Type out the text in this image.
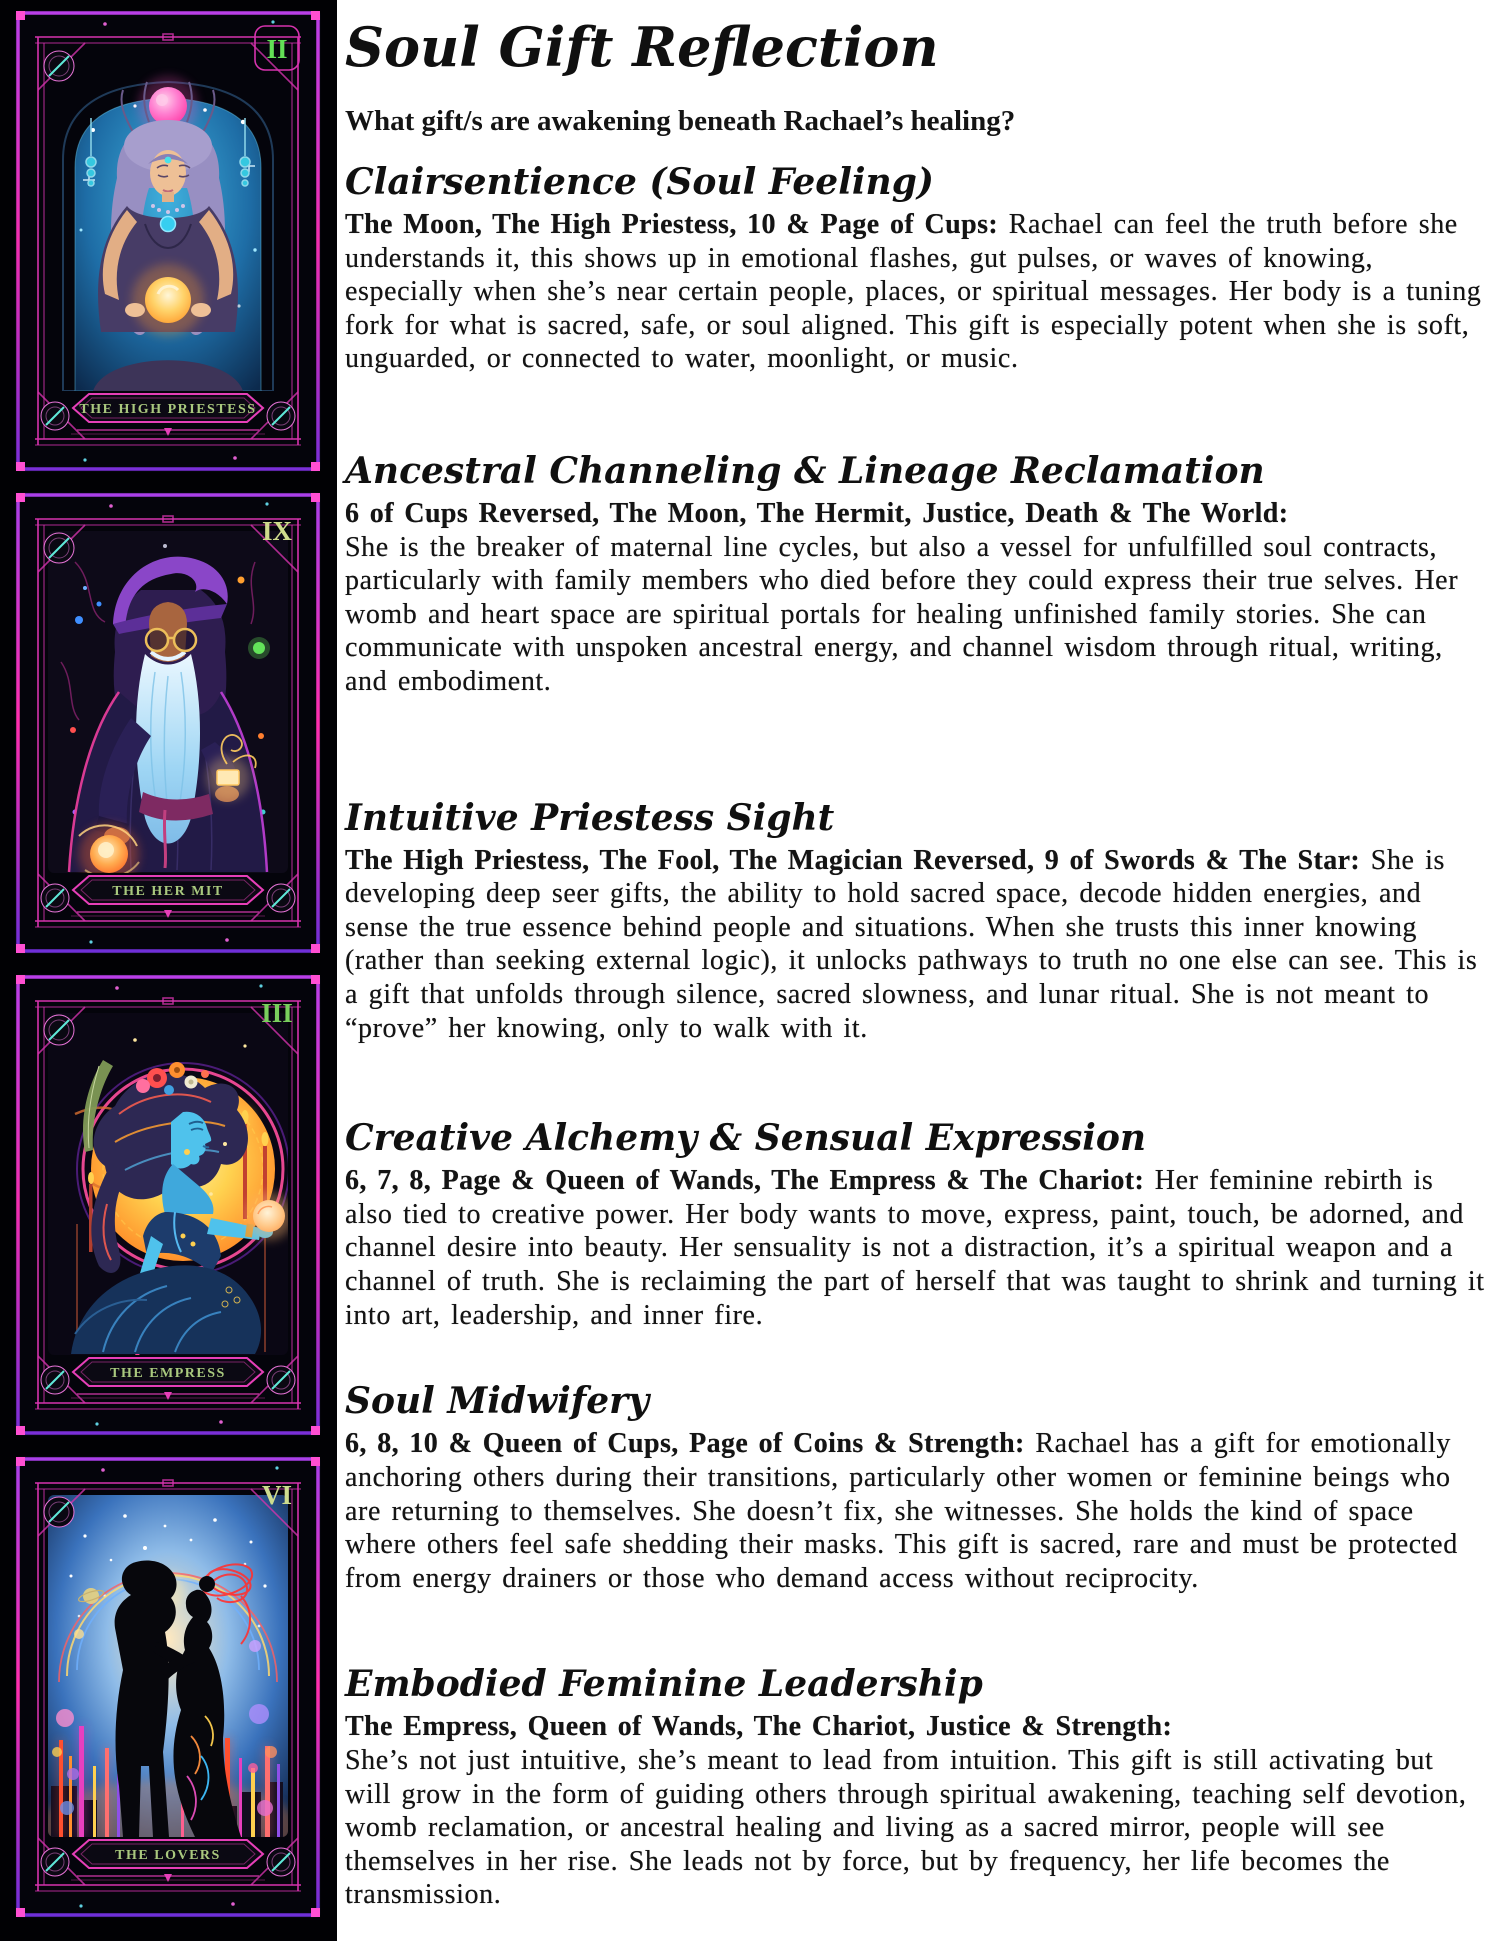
II
THE HIGH PRIESTESS
IX
THE HER MIT
III
THE EMPRESS
VI
THE LOVERS
Soul Gift Reflection

What gift/s are awakening beneath Rachael’s healing?

Clairsentience (Soul Feeling)

The Moon, The High Priestess, 10 & Page of Cups: Rachael can feel the truth before she understands it, this shows up in emotional flashes, gut pulses, or waves of knowing, especially when she’s near certain people, places, or spiritual messages. Her body is a tuning fork for what is sacred, safe, or soul aligned. This gift is especially potent when she is soft, unguarded, or connected to water, moonlight, or music.

Ancestral Channeling & Lineage Reclamation

6 of Cups Reversed, The Moon, The Hermit, Justice, Death & The World:
She is the breaker of maternal line cycles, but also a vessel for unfulfilled soul contracts, particularly with family members who died before they could express their true selves. Her womb and heart space are spiritual portals for healing unfinished family stories. She can communicate with unspoken ancestral energy, and channel wisdom through ritual, writing, and embodiment.

Intuitive Priestess Sight

The High Priestess, The Fool, The Magician Reversed, 9 of Swords & The Star: She is developing deep seer gifts, the ability to hold sacred space, decode hidden energies, and sense the true essence behind people and situations. When she trusts this inner knowing (rather than seeking external logic), it unlocks pathways to truth no one else can see. This is a gift that unfolds through silence, sacred slowness, and lunar ritual. She is not meant to “prove” her knowing, only to walk with it.

Creative Alchemy & Sensual Expression

6, 7, 8, Page & Queen of Wands, The Empress & The Chariot: Her feminine rebirth is also tied to creative power. Her body wants to move, express, paint, touch, be adorned, and channel desire into beauty. Her sensuality is not a distraction, it’s a spiritual weapon and a channel of truth. She is reclaiming the part of herself that was taught to shrink and turning it into art, leadership, and inner fire.

Soul Midwifery

6, 8, 10 & Queen of Cups, Page of Coins & Strength: Rachael has a gift for emotionally anchoring others during their transitions, particularly other women or feminine beings who are returning to themselves. She doesn’t fix, she witnesses. She holds the kind of space where others feel safe shedding their masks. This gift is sacred, rare and must be protected from energy drainers or those who demand access without reciprocity.

Embodied Feminine Leadership

The Empress, Queen of Wands, The Chariot, Justice & Strength:
She’s not just intuitive, she’s meant to lead from intuition. This gift is still activating but will grow in the form of guiding others through spiritual awakening, teaching self devotion, womb reclamation, or ancestral healing and living as a sacred mirror, people will see themselves in her rise. She leads not by force, but by frequency, her life becomes the transmission.
